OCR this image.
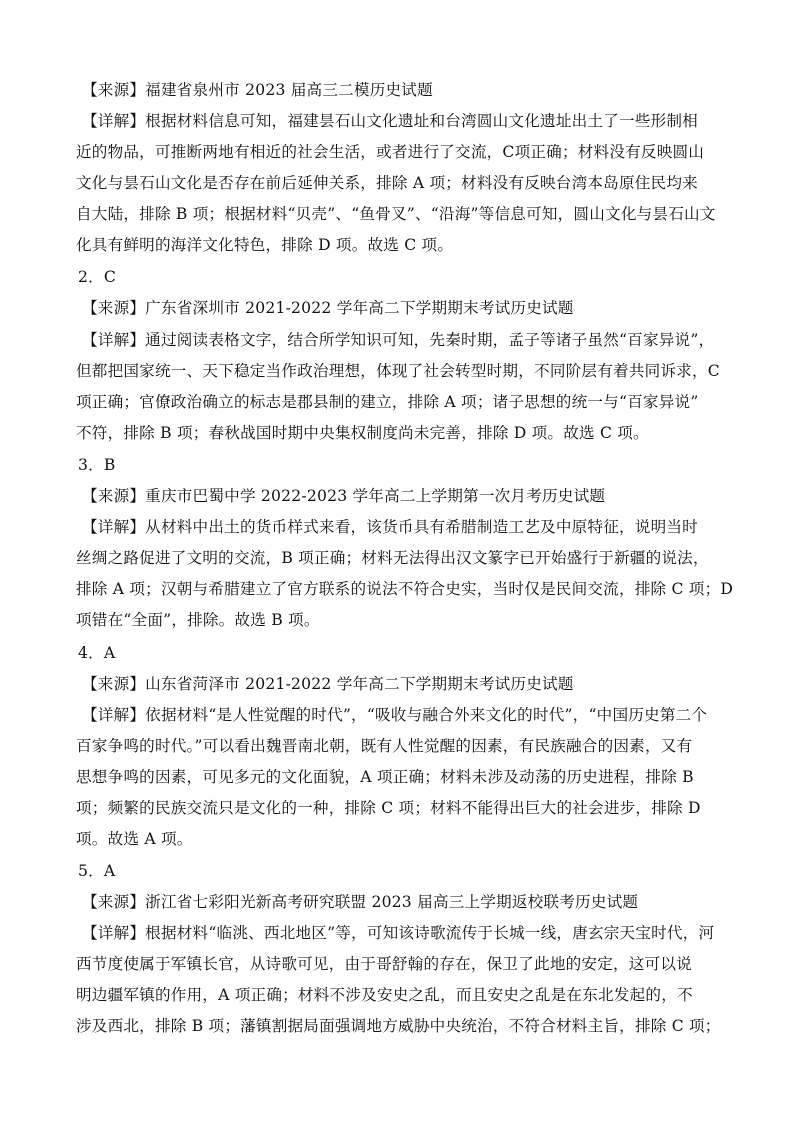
【来源】福建省泉州市 2023 届高三二模历史试题
【详解】根据材料信息可知，福建昙石山文化遗址和台湾圆山文化遗址出土了一些形制相
近的物品，可推断两地有相近的社会生活，或者进行了交流，C项正确；材料没有反映圆山
文化与昙石山文化是否存在前后延伸关系，排除 A 项；材料没有反映台湾本岛原住民均来
自大陆，排除 B 项；根据材料“贝壳”、“鱼骨叉”、“沿海”等信息可知，圆山文化与昙石山文
化具有鲜明的海洋文化特色，排除 D 项。故选 C 项。
2．C
【来源】广东省深圳市 2021-2022 学年高二下学期期末考试历史试题
【详解】通过阅读表格文字，结合所学知识可知，先秦时期，孟子等诸子虽然“百家异说”，
但都把国家统一、天下稳定当作政治理想，体现了社会转型时期，不同阶层有着共同诉求，C
项正确；官僚政治确立的标志是郡县制的建立，排除 A 项；诸子思想的统一与“百家异说”
不符，排除 B 项；春秋战国时期中央集权制度尚未完善，排除 D 项。故选 C 项。
3．B
【来源】重庆市巴蜀中学 2022-2023 学年高二上学期第一次月考历史试题
【详解】从材料中出土的货币样式来看，该货币具有希腊制造工艺及中原特征，说明当时
丝绸之路促进了文明的交流，B 项正确；材料无法得出汉文篆字已开始盛行于新疆的说法，
排除 A 项；汉朝与希腊建立了官方联系的说法不符合史实，当时仅是民间交流，排除 C 项；D
项错在“全面”，排除。故选 B 项。
4．A
【来源】山东省菏泽市 2021-2022 学年高二下学期期末考试历史试题
【详解】依据材料“是人性觉醒的时代”，“吸收与融合外来文化的时代”，“中国历史第二个
百家争鸣的时代。”可以看出魏晋南北朝，既有人性觉醒的因素，有民族融合的因素，又有
思想争鸣的因素，可见多元的文化面貌，A 项正确；材料未涉及动荡的历史进程，排除 B
项；频繁的民族交流只是文化的一种，排除 C 项；材料不能得出巨大的社会进步，排除 D
项。故选 A 项。
5．A
【来源】浙江省七彩阳光新高考研究联盟 2023 届高三上学期返校联考历史试题
【详解】根据材料“临洮、西北地区”等，可知该诗歌流传于长城一线，唐玄宗天宝时代，河
西节度使属于军镇长官，从诗歌可见，由于哥舒翰的存在，保卫了此地的安定，这可以说
明边疆军镇的作用，A 项正确；材料不涉及安史之乱，而且安史之乱是在东北发起的，不
涉及西北，排除 B 项；藩镇割据局面强调地方威胁中央统治，不符合材料主旨，排除 C 项；
